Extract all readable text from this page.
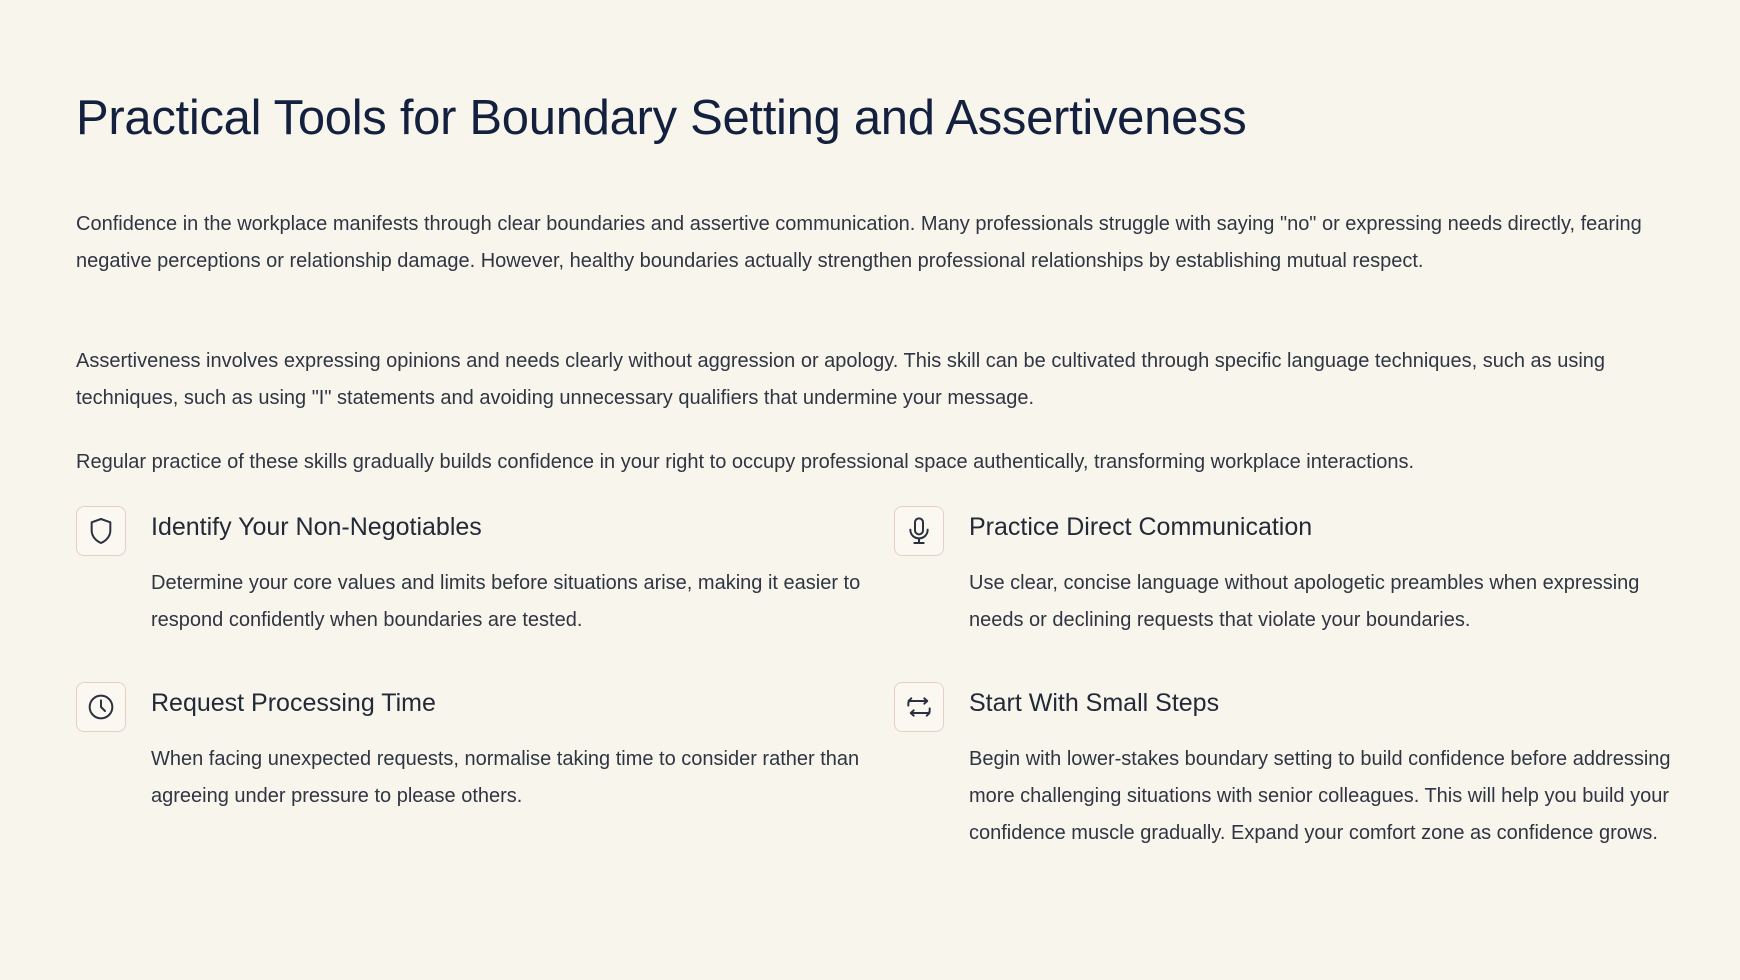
Practical Tools for Boundary Setting and Assertiveness

Confidence in the workplace manifests through clear boundaries and assertive communication. Many professionals struggle with saying "no" or expressing needs directly, fearing negative perceptions or relationship damage. However, healthy boundaries actually strengthen professional relationships by establishing mutual respect.

Assertiveness involves expressing opinions and needs clearly without aggression or apology. This skill can be cultivated through specific language techniques, such as using techniques, such as using "I" statements and avoiding unnecessary qualifiers that undermine your message.

Regular practice of these skills gradually builds confidence in your right to occupy professional space authentically, transforming workplace interactions.

Identify Your Non-Negotiables

Determine your core values and limits before situations arise, making it easier to respond confidently when boundaries are tested.

Practice Direct Communication

Use clear, concise language without apologetic preambles when expressing needs or declining requests that violate your boundaries.

Request Processing Time

When facing unexpected requests, normalise taking time to consider rather than agreeing under pressure to please others.

Start With Small Steps

Begin with lower-stakes boundary setting to build confidence before addressing more challenging situations with senior colleagues. This will help you build your confidence muscle gradually. Expand your comfort zone as confidence grows.
